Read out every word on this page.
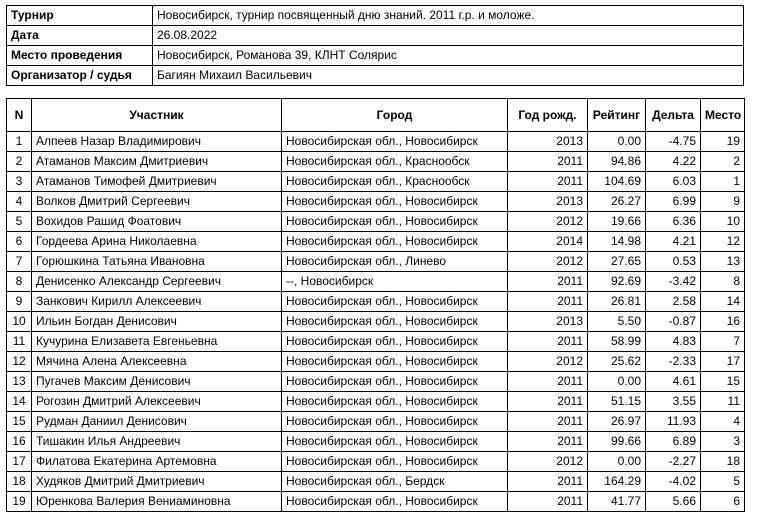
Турнир	Новосибирск, турнир посвященный дню знаний. 2011 г.р. и моложе.
Дата	26.08.2022
Место проведения	Новосибирск, Романова 39, КЛНТ Солярис
Организатор / судья	Багиян Михаил Васильевич
N	Участник	Город	Год рожд.	Рейтинг	Дельта	Место
1	Алпеев Назар Владимирович	Новосибирская обл., Новосибирск	2013	0.00	-4.75	19
2	Атаманов Максим Дмитриевич	Новосибирская обл., Краснообск	2011	94.86	4.22	2
3	Атаманов Тимофей Дмитриевич	Новосибирская обл., Краснообск	2011	104.69	6.03	1
4	Волков Дмитрий Сергеевич	Новосибирская обл., Новосибирск	2013	26.27	6.99	9
5	Вохидов Рашид Фоатович	Новосибирская обл., Новосибирск	2012	19.66	6.36	10
6	Гордеева Арина Николаевна	Новосибирская обл., Новосибирск	2014	14.98	4.21	12
7	Горюшкина Татьяна Ивановна	Новосибирская обл., Линево	2012	27.65	0.53	13
8	Денисенко Александр Сергеевич	--, Новосибирск	2011	92.69	-3.42	8
9	Занкович Кирилл Алексеевич	Новосибирская обл., Новосибирск	2011	26.81	2.58	14
10	Ильин Богдан Денисович	Новосибирская обл., Новосибирск	2013	5.50	-0.87	16
11	Кучурина Елизавета Евгеньевна	Новосибирская обл., Новосибирск	2011	58.99	4.83	7
12	Мячина Алена Алексеевна	Новосибирская обл., Новосибирск	2012	25.62	-2.33	17
13	Пугачев Максим Денисович	Новосибирская обл., Новосибирск	2011	0.00	4.61	15
14	Рогозин Дмитрий Алексеевич	Новосибирская обл., Новосибирск	2011	51.15	3.55	11
15	Рудман Даниил Денисович	Новосибирская обл., Новосибирск	2011	26.97	11.93	4
16	Тишакин Илья Андреевич	Новосибирская обл., Новосибирск	2011	99.66	6.89	3
17	Филатова Екатерина Артемовна	Новосибирская обл., Новосибирск	2012	0.00	-2.27	18
18	Худяков Дмитрий Дмитриевич	Новосибирская обл., Бердск	2011	164.29	-4.02	5
19	Юренкова Валерия Вениаминовна	Новосибирская обл., Новосибирск	2011	41.77	5.66	6
